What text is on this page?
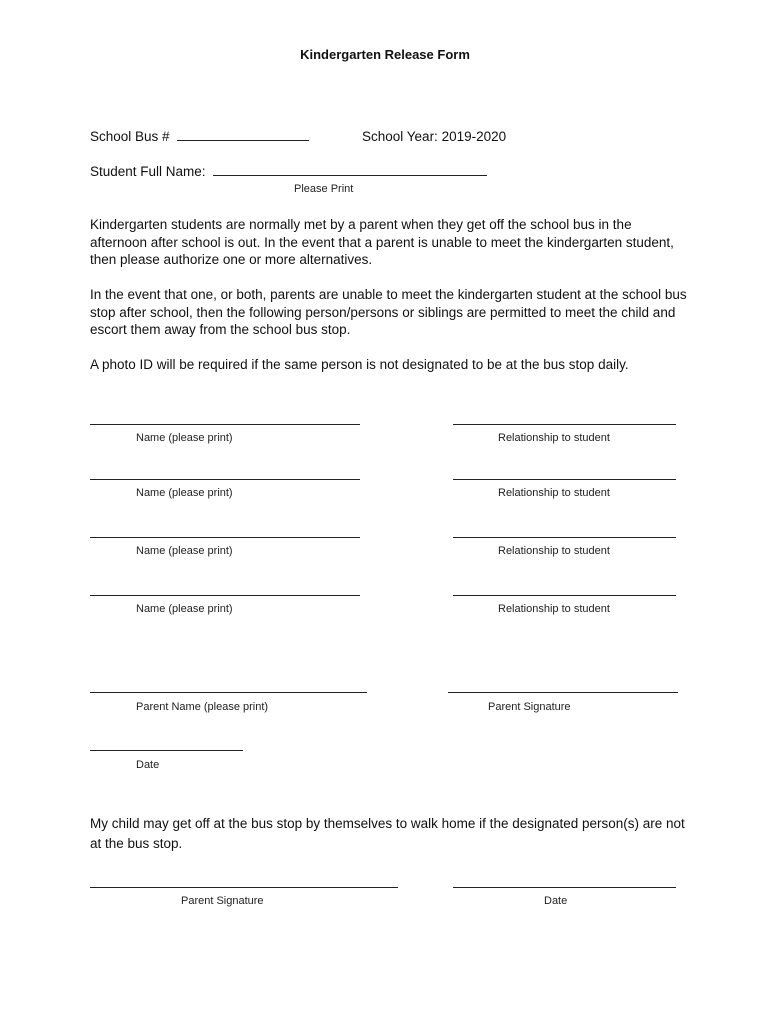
Kindergarten Release Form
School Bus #	School Year: 2019-2020
Student Full Name:
Please Print
Kindergarten students are normally met by a parent when they get off the school bus in the afternoon after school is out. In the event that a parent is unable to meet the kindergarten student, then please authorize one or more alternatives.
In the event that one, or both, parents are unable to meet the kindergarten student at the school bus stop after school, then the following person/persons or siblings are permitted to meet the child and escort them away from the school bus stop.
A photo ID will be required if the same person is not designated to be at the bus stop daily.
Name (please print)	Relationship to student
Name (please print)	Relationship to student
Name (please print)	Relationship to student
Name (please print)	Relationship to student
Parent Name (please print)	Parent Signature
Date
My child may get off at the bus stop by themselves to walk home if the designated person(s) are not at the bus stop.
Parent Signature	Date
